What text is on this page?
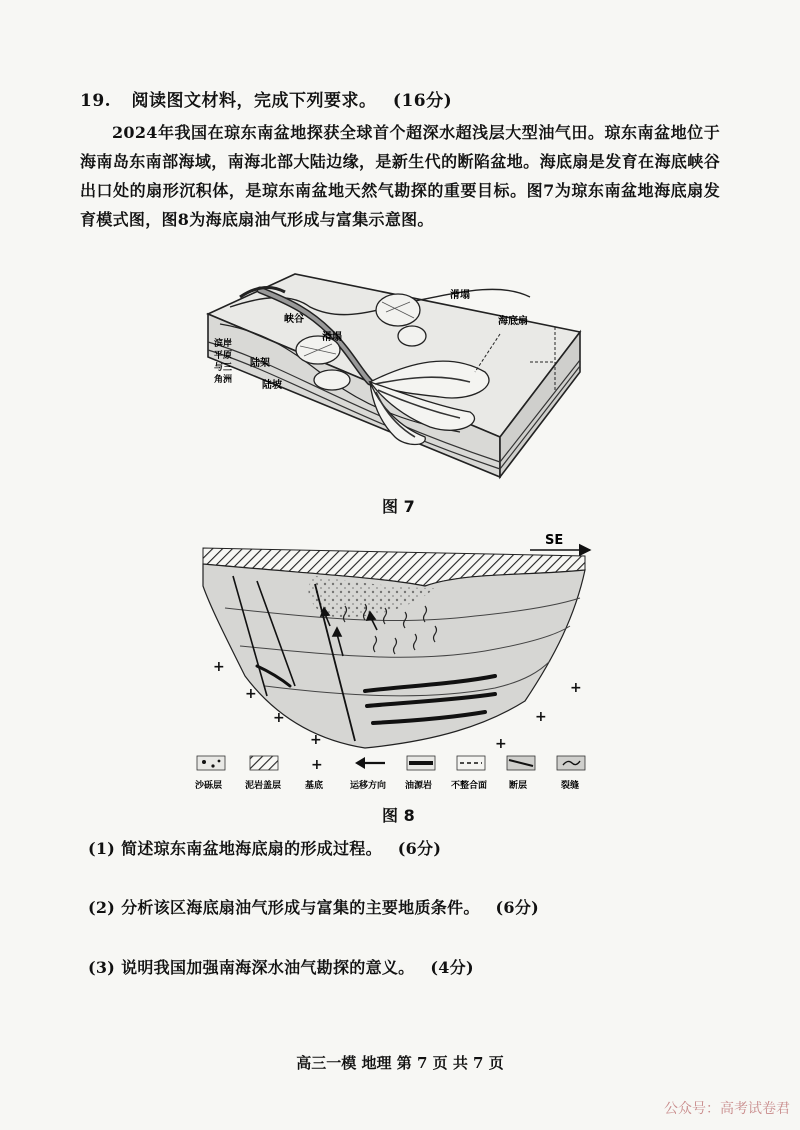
19. 阅读图文材料，完成下列要求。 (16分)

2024年我国在琼东南盆地探获全球首个超深水超浅层大型油气田。琼东南盆地位于海南岛东南部海域，南海北部大陆边缘，是新生代的断陷盆地。海底扇是发育在海底峡谷出口处的扇形沉积体，是琼东南盆地天然气勘探的重要目标。图7为琼东南盆地海底扇发育模式图，图8为海底扇油气形成与富集示意图。

峡谷
滑塌
滑塌
海底扇
滨岸
平原
与三
角洲
陆架
陆坡
图 7
SE
+
+
+
+
+
+
+
沙砾层	泥岩盖层
+
基底	运移方向 油源岩 不整合面 断层	裂缝
图 8
(1) 简述琼东南盆地海底扇的形成过程。 (6分)
(2) 分析该区海底扇油气形成与富集的主要地质条件。 (6分)
(3) 说明我国加强南海深水油气勘探的意义。 (4分)
高三一模 地理 第 7 页 共 7 页
公众号：高考试卷君
